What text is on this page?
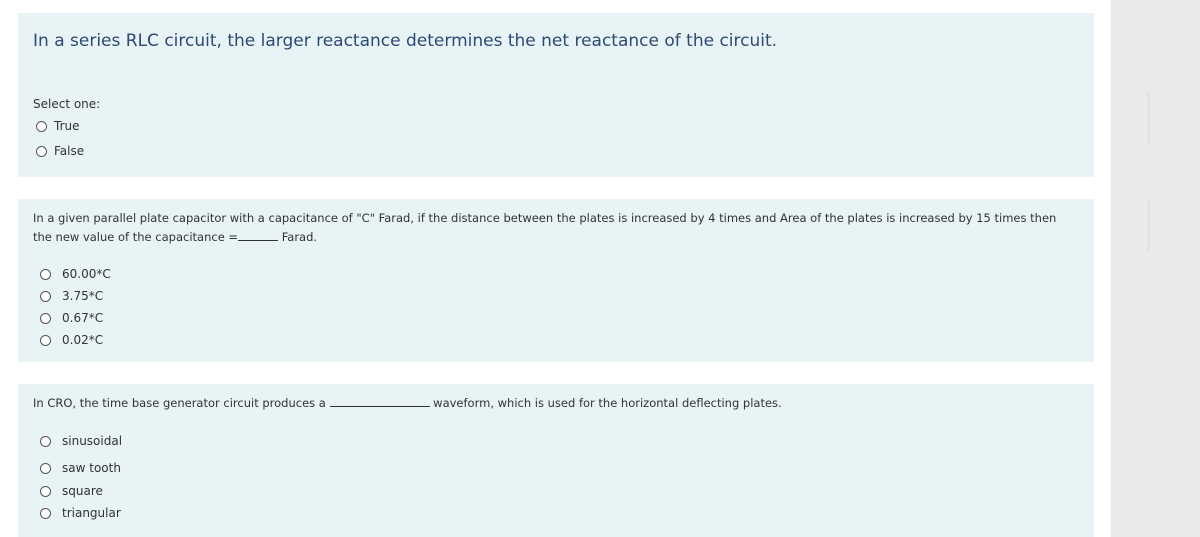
In a series RLC circuit, the larger reactance determines the net reactance of the circuit.
Select one:
True
False
In a given parallel plate capacitor with a capacitance of "C" Farad, if the distance between the plates is increased by 4 times and Area of the plates is increased by 15 times then the new value of the capacitance =	Farad.
60.00*C
3.75*C
0.67*C
0.02*C
In CRO, the time base generator circuit produces a	waveform, which is used for the horizontal deflecting plates.
sinusoidal
saw tooth
square
triangular
